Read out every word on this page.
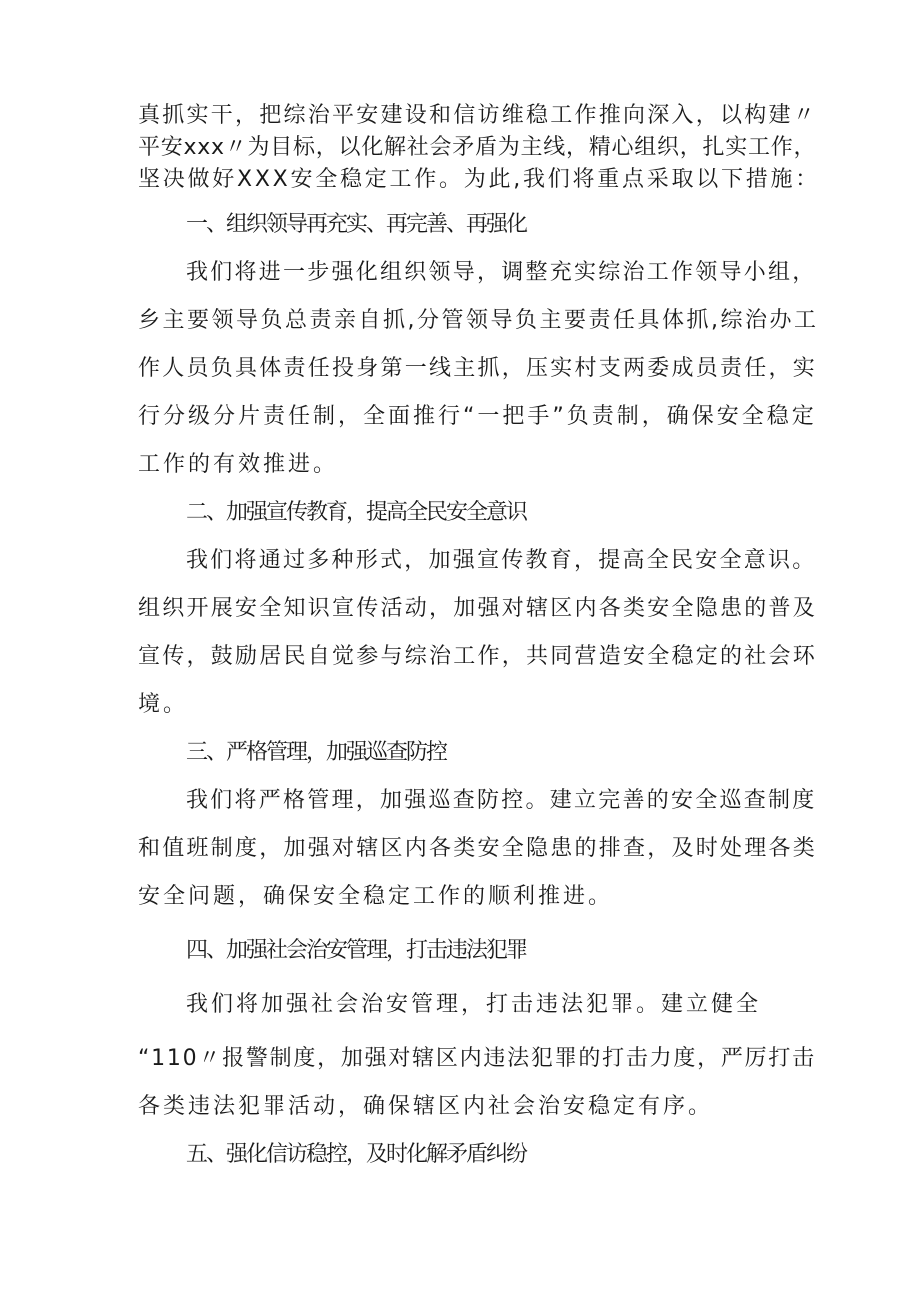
真抓实干，把综治平安建设和信访维稳工作推向深入，以构建〃
平安xxx〃为目标，以化解社会矛盾为主线，精心组织，扎实工作，
坚决做好XXX安全稳定工作。为此,我们将重点采取以下措施：
一、组织领导再充实、再完善、再强化
我们将进一步强化组织领导，调整充实综治工作领导小组，
乡主要领导负总责亲自抓,分管领导负主要责任具体抓,综治办工
作人员负具体责任投身第一线主抓，压实村支两委成员责任，实
行分级分片责任制，全面推行“一把手”负责制，确保安全稳定
工作的有效推进。
二、加强宣传教育，提高全民安全意识
我们将通过多种形式，加强宣传教育，提高全民安全意识。
组织开展安全知识宣传活动，加强对辖区内各类安全隐患的普及
宣传，鼓励居民自觉参与综治工作，共同营造安全稳定的社会环
境。
三、严格管理，加强巡查防控
我们将严格管理，加强巡查防控。建立完善的安全巡查制度
和值班制度，加强对辖区内各类安全隐患的排查，及时处理各类
安全问题，确保安全稳定工作的顺利推进。
四、加强社会治安管理，打击违法犯罪
我们将加强社会治安管理，打击违法犯罪。建立健全
“110〃报警制度，加强对辖区内违法犯罪的打击力度，严厉打击
各类违法犯罪活动，确保辖区内社会治安稳定有序。
五、强化信访稳控，及时化解矛盾纠纷
